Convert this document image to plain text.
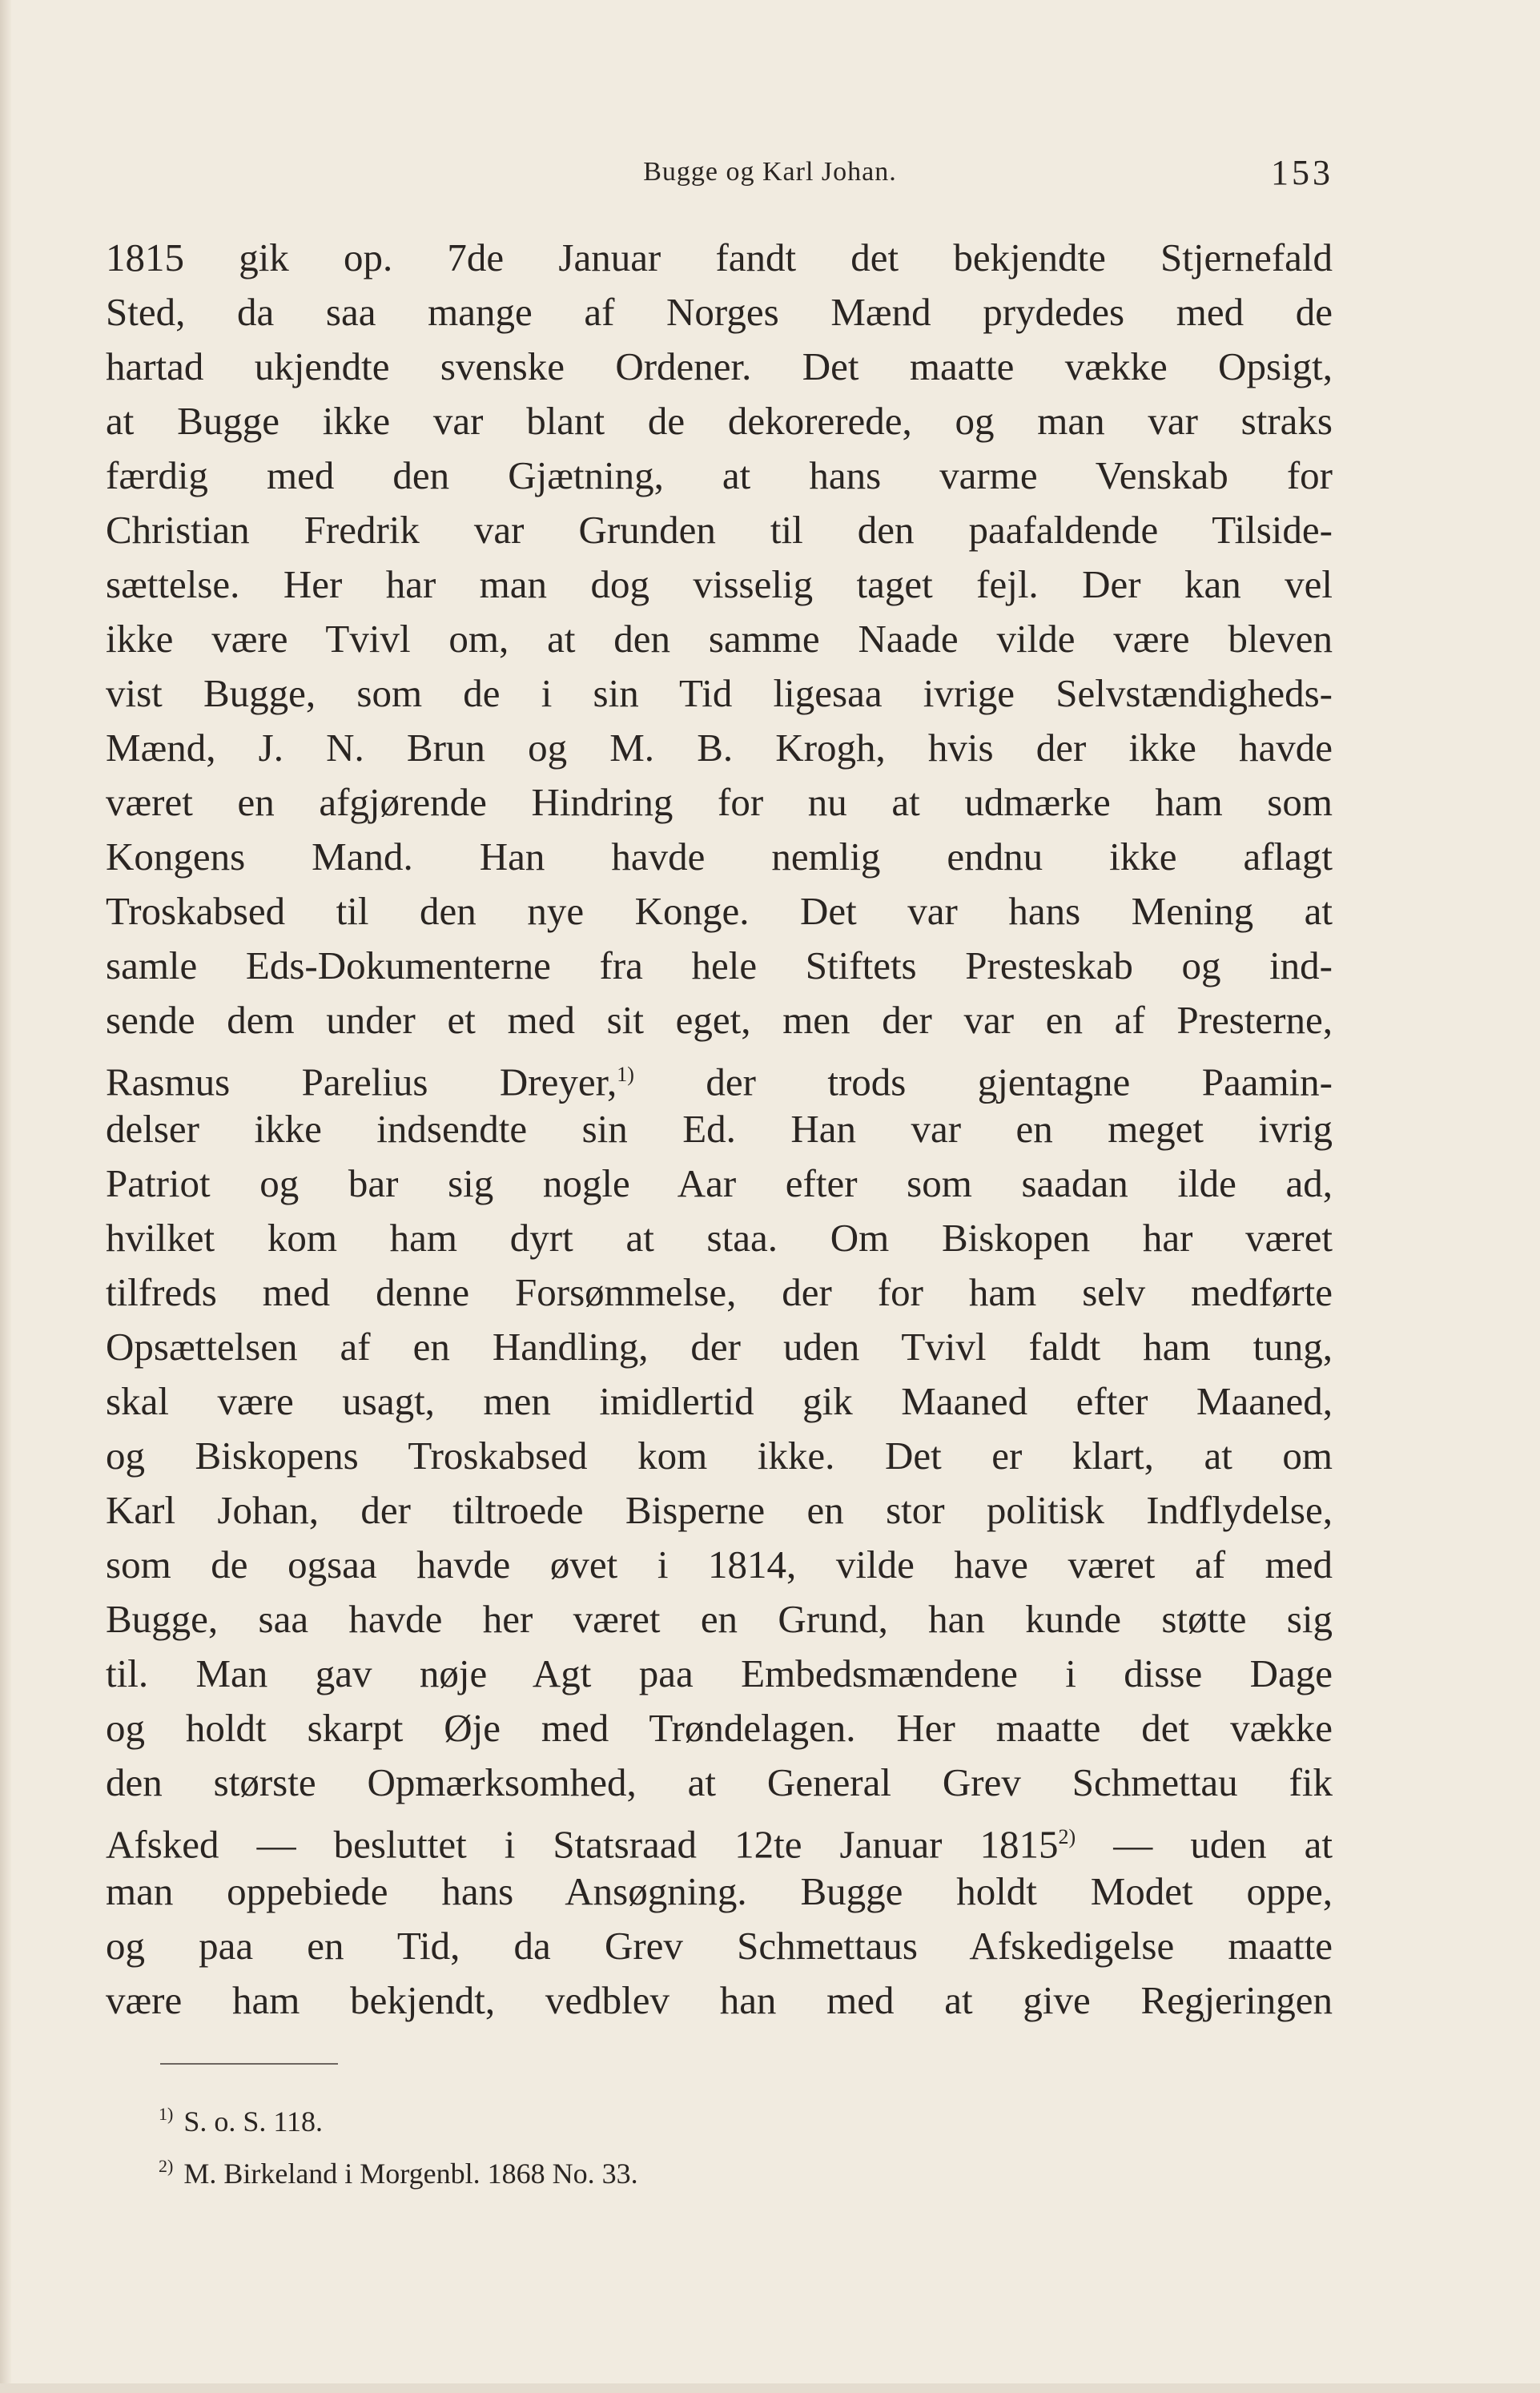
Bugge og Karl Johan.	153
1815 gik op. 7de Januar fandt det bekjendte Stjernefald
Sted, da saa mange af Norges Mænd prydedes med de
hartad ukjendte svenske Ordener. Det maatte vække Opsigt,
at Bugge ikke var blant de dekorerede, og man var straks
færdig med den Gjætning, at hans varme Venskab for
Christian Fredrik var Grunden til den paafaldende Tilside-
sættelse. Her har man dog visselig taget fejl. Der kan vel
ikke være Tvivl om, at den samme Naade vilde være bleven
vist Bugge, som de i sin Tid ligesaa ivrige Selvstændigheds-
Mænd, J. N. Brun og M. B. Krogh, hvis der ikke havde
været en afgjørende Hindring for nu at udmærke ham som
Kongens Mand. Han havde nemlig endnu ikke aflagt
Troskabsed til den nye Konge. Det var hans Mening at
samle Eds-Dokumenterne fra hele Stiftets Presteskab og ind-
sende dem under et med sit eget, men der var en af Presterne,
Rasmus Parelius Dreyer,$^{1)}$ der trods gjentagne Paamin-
delser ikke indsendte sin Ed. Han var en meget ivrig
Patriot og bar sig nogle Aar efter som saadan ilde ad,
hvilket kom ham dyrt at staa. Om Biskopen har været
tilfreds med denne Forsømmelse, der for ham selv medførte
Opsættelsen af en Handling, der uden Tvivl faldt ham tung,
skal være usagt, men imidlertid gik Maaned efter Maaned,
og Biskopens Troskabsed kom ikke. Det er klart, at om
Karl Johan, der tiltroede Bisperne en stor politisk Indflydelse,
som de ogsaa havde øvet i 1814, vilde have været af med
Bugge, saa havde her været en Grund, han kunde støtte sig
til. Man gav nøje Agt paa Embedsmændene i disse Dage
og holdt skarpt Øje med Trøndelagen. Her maatte det vække
den største Opmærksomhed, at General Grev Schmettau fik
Afsked — besluttet i Statsraad 12te Januar 1815$^{2)}$ — uden at
man oppebiede hans Ansøgning. Bugge holdt Modet oppe,
og paa en Tid, da Grev Schmettaus Afskedigelse maatte
være ham bekjendt, vedblev han med at give Regjeringen
$^{1)}$ S. o. S. 118.
$^{2)}$ M. Birkeland i Morgenbl. 1868 No. 33.
